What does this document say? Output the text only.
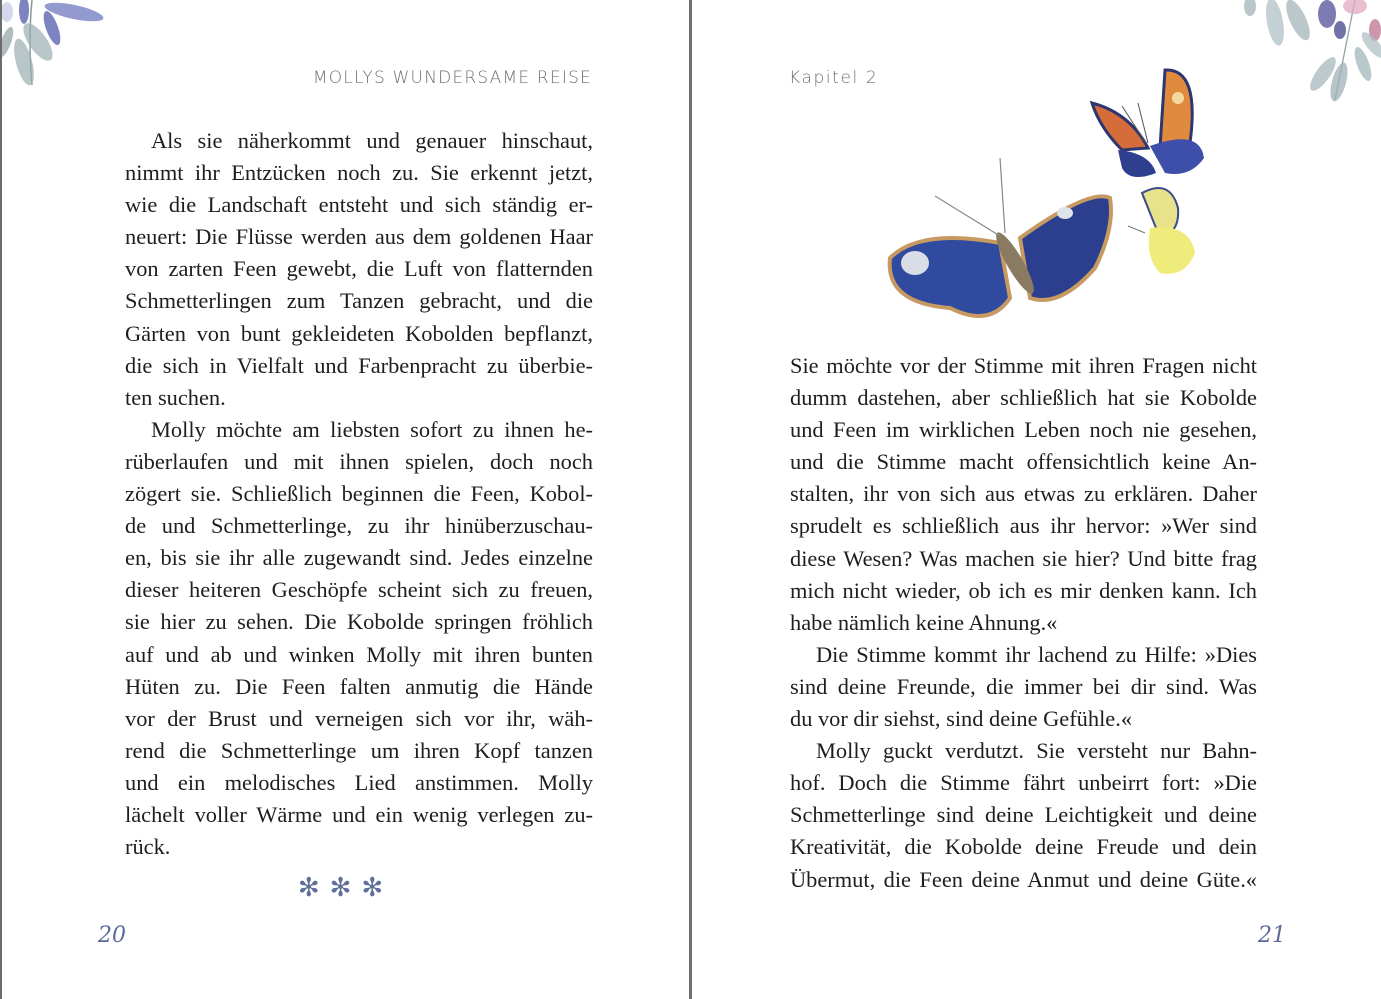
MOLLYS WUNDERSAME REISE

Als sie näherkommt und genauer hinschaut,
nimmt ihr Entzücken noch zu. Sie erkennt jetzt,
wie die Landschaft entsteht und sich ständig er-
neuert: Die Flüsse werden aus dem goldenen Haar
von zarten Feen gewebt, die Luft von flatternden
Schmetterlingen zum Tanzen gebracht, und die
Gärten von bunt gekleideten Kobolden bepflanzt,
die sich in Vielfalt und Farbenpracht zu überbie-
ten suchen.

Molly möchte am liebsten sofort zu ihnen he-
rüberlaufen und mit ihnen spielen, doch noch
zögert sie. Schließlich beginnen die Feen, Kobol-
de und Schmetterlinge, zu ihr hinüberzuschau-
en, bis sie ihr alle zugewandt sind. Jedes einzelne
dieser heiteren Geschöpfe scheint sich zu freuen,
sie hier zu sehen. Die Kobolde springen fröhlich
auf und ab und winken Molly mit ihren bunten
Hüten zu. Die Feen falten anmutig die Hände
vor der Brust und verneigen sich vor ihr, wäh-
rend die Schmetterlinge um ihren Kopf tanzen
und ein melodisches Lied anstimmen. Molly
lächelt voller Wärme und ein wenig verlegen zu-
rück.

✻✻✻
20
Kapitel 2

Sie möchte vor der Stimme mit ihren Fragen nicht
dumm dastehen, aber schließlich hat sie Kobolde
und Feen im wirklichen Leben noch nie gesehen,
und die Stimme macht offensichtlich keine An-
stalten, ihr von sich aus etwas zu erklären. Daher
sprudelt es schließlich aus ihr hervor: »Wer sind
diese Wesen? Was machen sie hier? Und bitte frag
mich nicht wieder, ob ich es mir denken kann. Ich
habe nämlich keine Ahnung.«

Die Stimme kommt ihr lachend zu Hilfe: »Dies
sind deine Freunde, die immer bei dir sind. Was
du vor dir siehst, sind deine Gefühle.«

Molly guckt verdutzt. Sie versteht nur Bahn-
hof. Doch die Stimme fährt unbeirrt fort: »Die
Schmetterlinge sind deine Leichtigkeit und deine
Kreativität, die Kobolde deine Freude und dein
Übermut, die Feen deine Anmut und deine Güte.«

21
